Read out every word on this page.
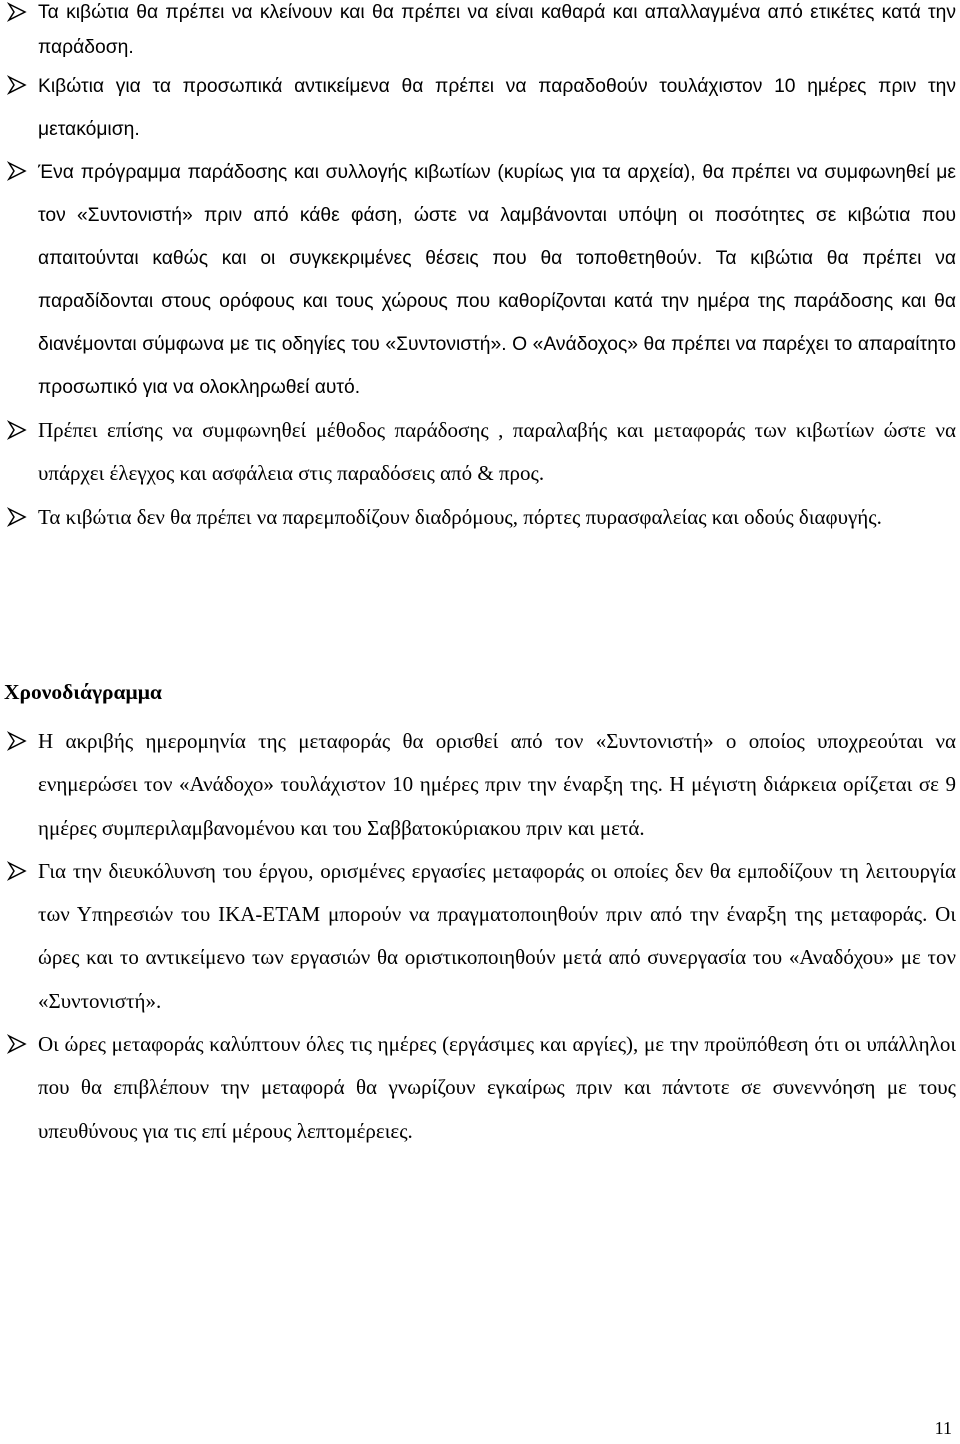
Τα κιβώτια θα πρέπει να κλείνουν και θα πρέπει να είναι καθαρά και απαλλαγμένα από ετικέτες κατά την παράδοση.
Κιβώτια για τα προσωπικά αντικείμενα θα πρέπει να παραδοθούν τουλάχιστον 10 ημέρες πριν την μετακόμιση.
Ένα πρόγραμμα παράδοσης και συλλογής κιβωτίων (κυρίως για τα αρχεία), θα πρέπει να συμφωνηθεί με τον «Συντονιστή» πριν από κάθε φάση, ώστε να λαμβάνονται υπόψη οι ποσότητες σε κιβώτια που απαιτούνται καθώς και οι συγκεκριμένες θέσεις που θα τοποθετηθούν. Τα κιβώτια θα πρέπει να παραδίδονται στους ορόφους και τους χώρους που καθορίζονται κατά την ημέρα της παράδοσης και θα διανέμονται σύμφωνα με τις οδηγίες του «Συντονιστή». Ο «Ανάδοχος» θα πρέπει να παρέχει το απαραίτητο προσωπικό για να ολοκληρωθεί αυτό.
Πρέπει επίσης να συμφωνηθεί μέθοδος παράδοσης , παραλαβής και μεταφοράς των κιβωτίων ώστε να υπάρχει έλεγχος και ασφάλεια στις παραδόσεις από & προς.
Τα κιβώτια δεν θα πρέπει να παρεμποδίζουν διαδρόμους, πόρτες πυρασφαλείας και οδούς διαφυγής.
Χρονοδιάγραμμα
Η ακριβής ημερομηνία της μεταφοράς θα ορισθεί από τον «Συντονιστή» ο οποίος υποχρεούται να ενημερώσει τον «Ανάδοχο» τουλάχιστον 10 ημέρες πριν την έναρξη της. Η μέγιστη διάρκεια ορίζεται σε 9 ημέρες συμπεριλαμβανομένου και του Σαββατοκύριακου πριν και μετά.
Για την διευκόλυνση του έργου, ορισμένες εργασίες μεταφοράς οι οποίες δεν θα εμποδίζουν τη λειτουργία των Υπηρεσιών του ΙΚΑ-ΕΤΑΜ μπορούν να πραγματοποιηθούν πριν από την έναρξη της μεταφοράς. Οι ώρες και το αντικείμενο των εργασιών θα οριστικοποιηθούν μετά από συνεργασία του «Αναδόχου» με τον «Συντονιστή».
Οι ώρες μεταφοράς καλύπτουν όλες τις ημέρες (εργάσιμες και αργίες), με την προϋπόθεση ότι οι υπάλληλοι που θα επιβλέπουν την μεταφορά θα γνωρίζουν εγκαίρως πριν και πάντοτε σε συνεννόηση με τους υπευθύνους για τις επί μέρους λεπτομέρειες.
11
